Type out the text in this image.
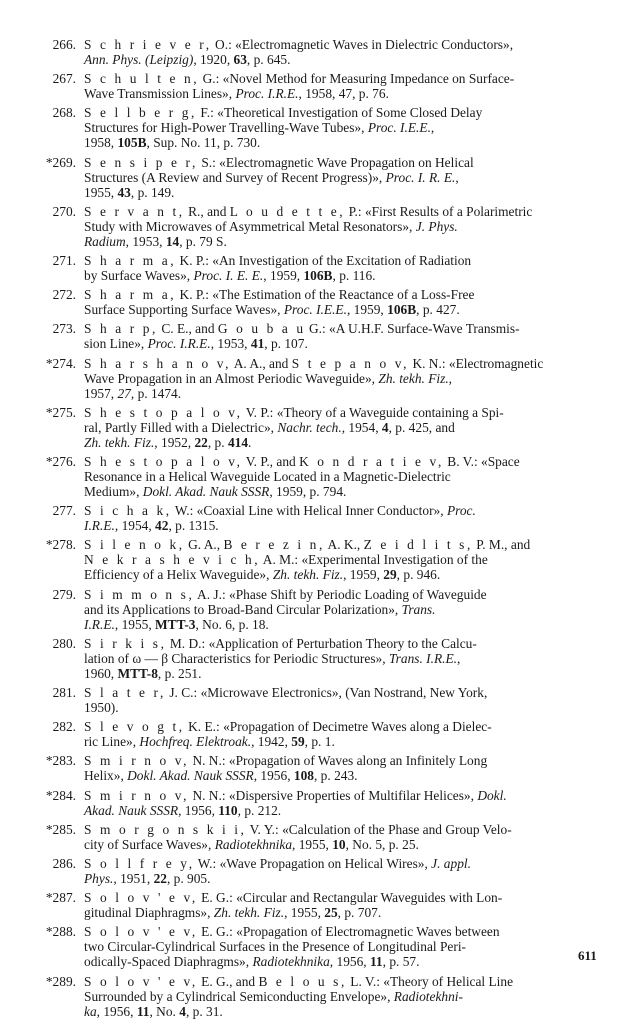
266. S c h r i e v e r, O.: «Electromagnetic Waves in Dielectric Conductors»,
Ann. Phys. (Leipzig), 1920, 63, p. 645.
267. S c h u l t e n, G.: «Novel Method for Measuring Impedance on Surface-
Wave Transmission Lines», Proc. I.R.E., 1958, 47, p. 76.
268. S e l l b e r g, F.: «Theoretical Investigation of Some Closed Delay
Structures for High-Power Travelling-Wave Tubes», Proc. I.E.E.,
1958, 105B, Sup. No. 11, p. 730.
*269. S e n s i p e r, S.: «Electromagnetic Wave Propagation on Helical
Structures (A Review and Survey of Recent Progress)», Proc. I. R. E.,
1955, 43, p. 149.
270. S e r v a n t, R., and L o u d e t t e, P.: «First Results of a Polarimetric
Study with Microwaves of Asymmetrical Metal Resonators», J. Phys.
Radium, 1953, 14, p. 79 S.
271. S h a r m a, K. P.: «An Investigation of the Excitation of Radiation
by Surface Waves», Proc. I. E. E., 1959, 106B, p. 116.
272. S h a r m a, K. P.: «The Estimation of the Reactance of a Loss-Free
Surface Supporting Surface Waves», Proc. I.E.E., 1959, 106B, p. 427.
273. S h a r p, C. E., and G o u b a u G.: «A U.H.F. Surface-Wave Transmis-
sion Line», Proc. I.R.E., 1953, 41, p. 107.
*274. S h a r s h a n o v, A. A., and S t e p a n o v, K. N.: «Electromagnetic
Wave Propagation in an Almost Periodic Waveguide», Zh. tekh. Fiz.,
1957, 27, p. 1474.
*275. S h e s t o p a l o v, V. P.: «Theory of a Waveguide containing a Spi-
ral, Partly Filled with a Dielectric», Nachr. tech., 1954, 4, p. 425, and
Zh. tekh. Fiz., 1952, 22, p. 414.
*276. S h e s t o p a l o v, V. P., and K o n d r a t i e v, B. V.: «Space
Resonance in a Helical Waveguide Located in a Magnetic-Dielectric
Medium», Dokl. Akad. Nauk SSSR, 1959, p. 794.
277. S i c h a k, W.: «Coaxial Line with Helical Inner Conductor», Proc.
I.R.E., 1954, 42, p. 1315.
*278. S i l e n o k, G. A., B e r e z i n, A. K., Z e i d l i t s, P. M., and
N e k r a s h e v i c h, A. M.: «Experimental Investigation of the
Efficiency of a Helix Waveguide», Zh. tekh. Fiz., 1959, 29, p. 946.
279. S i m m o n s, A. J.: «Phase Shift by Periodic Loading of Waveguide
and its Applications to Broad-Band Circular Polarization», Trans.
I.R.E., 1955, MTT-3, No. 6, p. 18.
280. S i r k i s, M. D.: «Application of Perturbation Theory to the Calcu-
lation of ω — β Characteristics for Periodic Structures», Trans. I.R.E.,
1960, MTT-8, p. 251.
281. S l a t e r, J. C.: «Microwave Electronics», (Van Nostrand, New York,
1950).
282. S l e v o g t, K. E.: «Propagation of Decimetre Waves along a Dielec-
ric Line», Hochfreq. Elektroak., 1942, 59, p. 1.
*283. S m i r n o v, N. N.: «Propagation of Waves along an Infinitely Long
Helix», Dokl. Akad. Nauk SSSR, 1956, 108, p. 243.
*284. S m i r n o v, N. N.: «Dispersive Properties of Multifilar Helices», Dokl.
Akad. Nauk SSSR, 1956, 110, p. 212.
*285. S m o r g o n s k i i, V. Y.: «Calculation of the Phase and Group Velo-
city of Surface Waves», Radiotekhnika, 1955, 10, No. 5, p. 25.
286. S o l l f r e y, W.: «Wave Propagation on Helical Wires», J. appl.
Phys., 1951, 22, p. 905.
*287. S o l o v ' e v, E. G.: «Circular and Rectangular Waveguides with Lon-
gitudinal Diaphragms», Zh. tekh. Fiz., 1955, 25, p. 707.
*288. S o l o v ' e v, E. G.: «Propagation of Electromagnetic Waves between
two Circular-Cylindrical Surfaces in the Presence of Longitudinal Peri-
odically-Spaced Diaphragms», Radiotekhnika, 1956, 11, p. 57.
*289. S o l o v ' e v, E. G., and B e l o u s, L. V.: «Theory of Helical Line
Surrounded by a Cylindrical Semiconducting Envelope», Radiotekhni-
ka, 1956, 11, No. 4, p. 31.
611
